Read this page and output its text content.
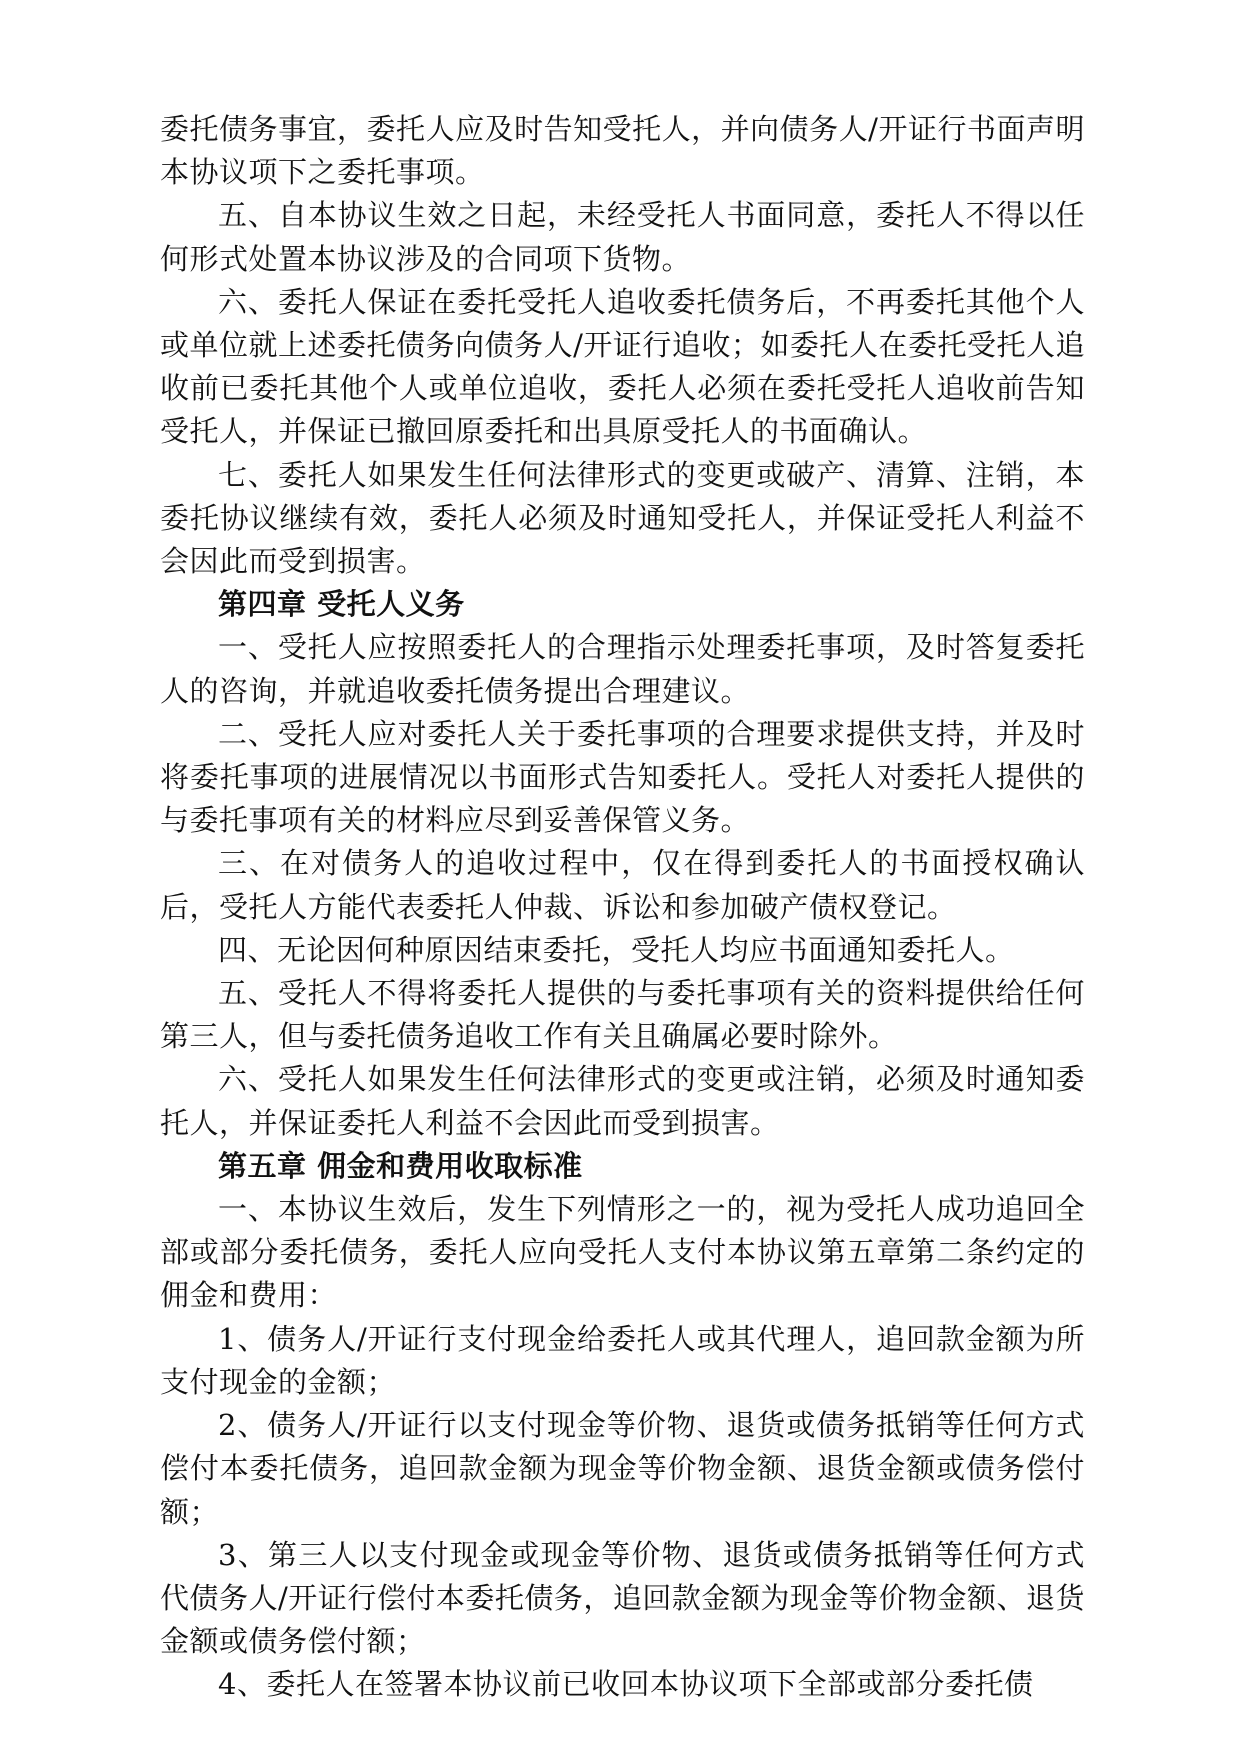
委托债务事宜，委托人应及时告知受托人，并向债务人/开证行书面声明本协议项下之委托事项。

五、自本协议生效之日起，未经受托人书面同意，委托人不得以任何形式处置本协议涉及的合同项下货物。

六、委托人保证在委托受托人追收委托债务后，不再委托其他个人或单位就上述委托债务向债务人/开证行追收；如委托人在委托受托人追收前已委托其他个人或单位追收，委托人必须在委托受托人追收前告知受托人，并保证已撤回原委托和出具原受托人的书面确认。

七、委托人如果发生任何法律形式的变更或破产、清算、注销，本委托协议继续有效，委托人必须及时通知受托人，并保证受托人利益不会因此而受到损害。

第四章 受托人义务

一、受托人应按照委托人的合理指示处理委托事项，及时答复委托人的咨询，并就追收委托债务提出合理建议。

二、受托人应对委托人关于委托事项的合理要求提供支持，并及时将委托事项的进展情况以书面形式告知委托人。受托人对委托人提供的与委托事项有关的材料应尽到妥善保管义务。

三、在对债务人的追收过程中，仅在得到委托人的书面授权确认后，受托人方能代表委托人仲裁、诉讼和参加破产债权登记。

四、无论因何种原因结束委托，受托人均应书面通知委托人。

五、受托人不得将委托人提供的与委托事项有关的资料提供给任何第三人，但与委托债务追收工作有关且确属必要时除外。

六、受托人如果发生任何法律形式的变更或注销，必须及时通知委托人，并保证委托人利益不会因此而受到损害。

第五章 佣金和费用收取标准

一、本协议生效后，发生下列情形之一的，视为受托人成功追回全部或部分委托债务，委托人应向受托人支付本协议第五章第二条约定的佣金和费用：

1、债务人/开证行支付现金给委托人或其代理人，追回款金额为所支付现金的金额；

2、债务人/开证行以支付现金等价物、退货或债务抵销等任何方式偿付本委托债务，追回款金额为现金等价物金额、退货金额或债务偿付额；

3、第三人以支付现金或现金等价物、退货或债务抵销等任何方式代债务人/开证行偿付本委托债务，追回款金额为现金等价物金额、退货金额或债务偿付额；

4、委托人在签署本协议前已收回本协议项下全部或部分委托债
